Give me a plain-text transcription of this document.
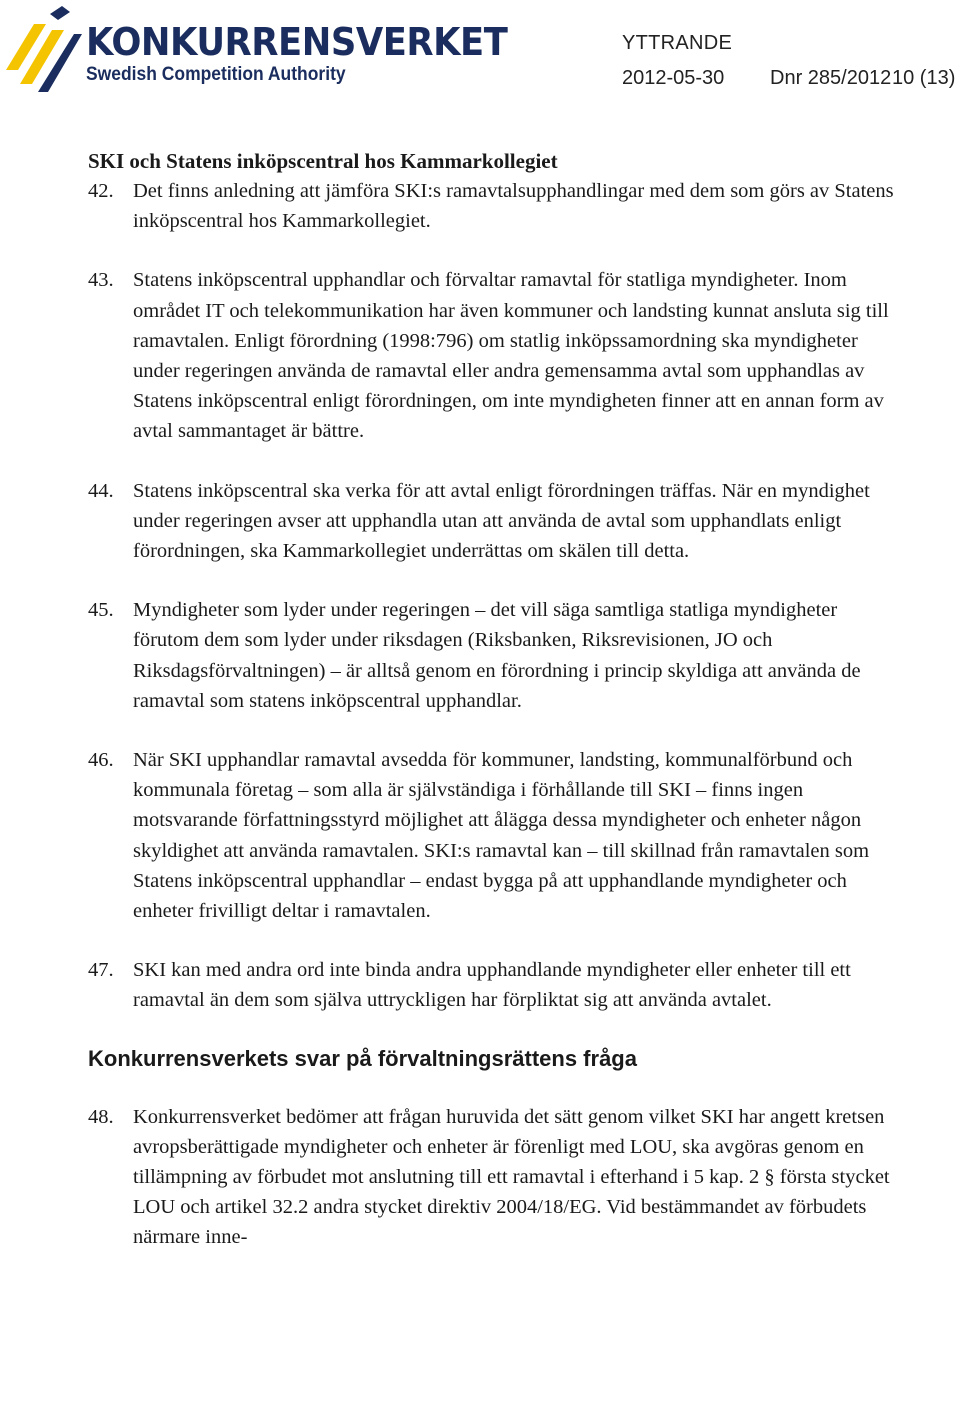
KONKURRENSVERKET
Swedish Competition Authority
YTTRANDE
2012-05-30 Dnr 285/201210 (13)
SKI och Statens inköpscentral hos Kammarkollegiet

42. Det finns anledning att jämföra SKI:s ramavtalsupphandlingar med dem som görs av Statens inköpscentral hos Kammarkollegiet.

43. Statens inköpscentral upphandlar och förvaltar ramavtal för statliga myndigheter. Inom området IT och telekommunikation har även kommuner och landsting kunnat ansluta sig till ramavtalen. Enligt förordning (1998:796) om statlig inköpssamordning ska myndigheter under regeringen använda de ramavtal eller andra gemensamma avtal som upphandlas av Statens inköpscentral enligt förordningen, om inte myndigheten finner att en annan form av avtal sammantaget är bättre.

44. Statens inköpscentral ska verka för att avtal enligt förordningen träffas. När en myndighet under regeringen avser att upphandla utan att använda de avtal som upphandlats enligt förordningen, ska Kammarkollegiet underrättas om skälen till detta.

45. Myndigheter som lyder under regeringen – det vill säga samtliga statliga myndigheter förutom dem som lyder under riksdagen (Riksbanken, Riksrevisionen, JO och Riksdagsförvaltningen) – är alltså genom en förordning i princip skyldiga att använda de ramavtal som statens inköpscentral upphandlar.

46. När SKI upphandlar ramavtal avsedda för kommuner, landsting, kommunalförbund och kommunala företag – som alla är självständiga i förhållande till SKI – finns ingen motsvarande författningsstyrd möjlighet att ålägga dessa myndigheter och enheter någon skyldighet att använda ramavtalen. SKI:s ramavtal kan – till skillnad från ramavtalen som Statens inköpscentral upphandlar – endast bygga på att upphandlande myndigheter och enheter frivilligt deltar i ramavtalen.

47. SKI kan med andra ord inte binda andra upphandlande myndigheter eller enheter till ett ramavtal än dem som själva uttryckligen har förpliktat sig att använda avtalet.

Konkurrensverkets svar på förvaltningsrättens fråga

48. Konkurrensverket bedömer att frågan huruvida det sätt genom vilket SKI har angett kretsen avropsberättigade myndigheter och enheter är förenligt med LOU, ska avgöras genom en tillämpning av förbudet mot anslutning till ett ramavtal i efterhand i 5 kap. 2 § första stycket LOU och artikel 32.2 andra stycket direktiv 2004/18/EG. Vid bestämmandet av förbudets närmare inne-
